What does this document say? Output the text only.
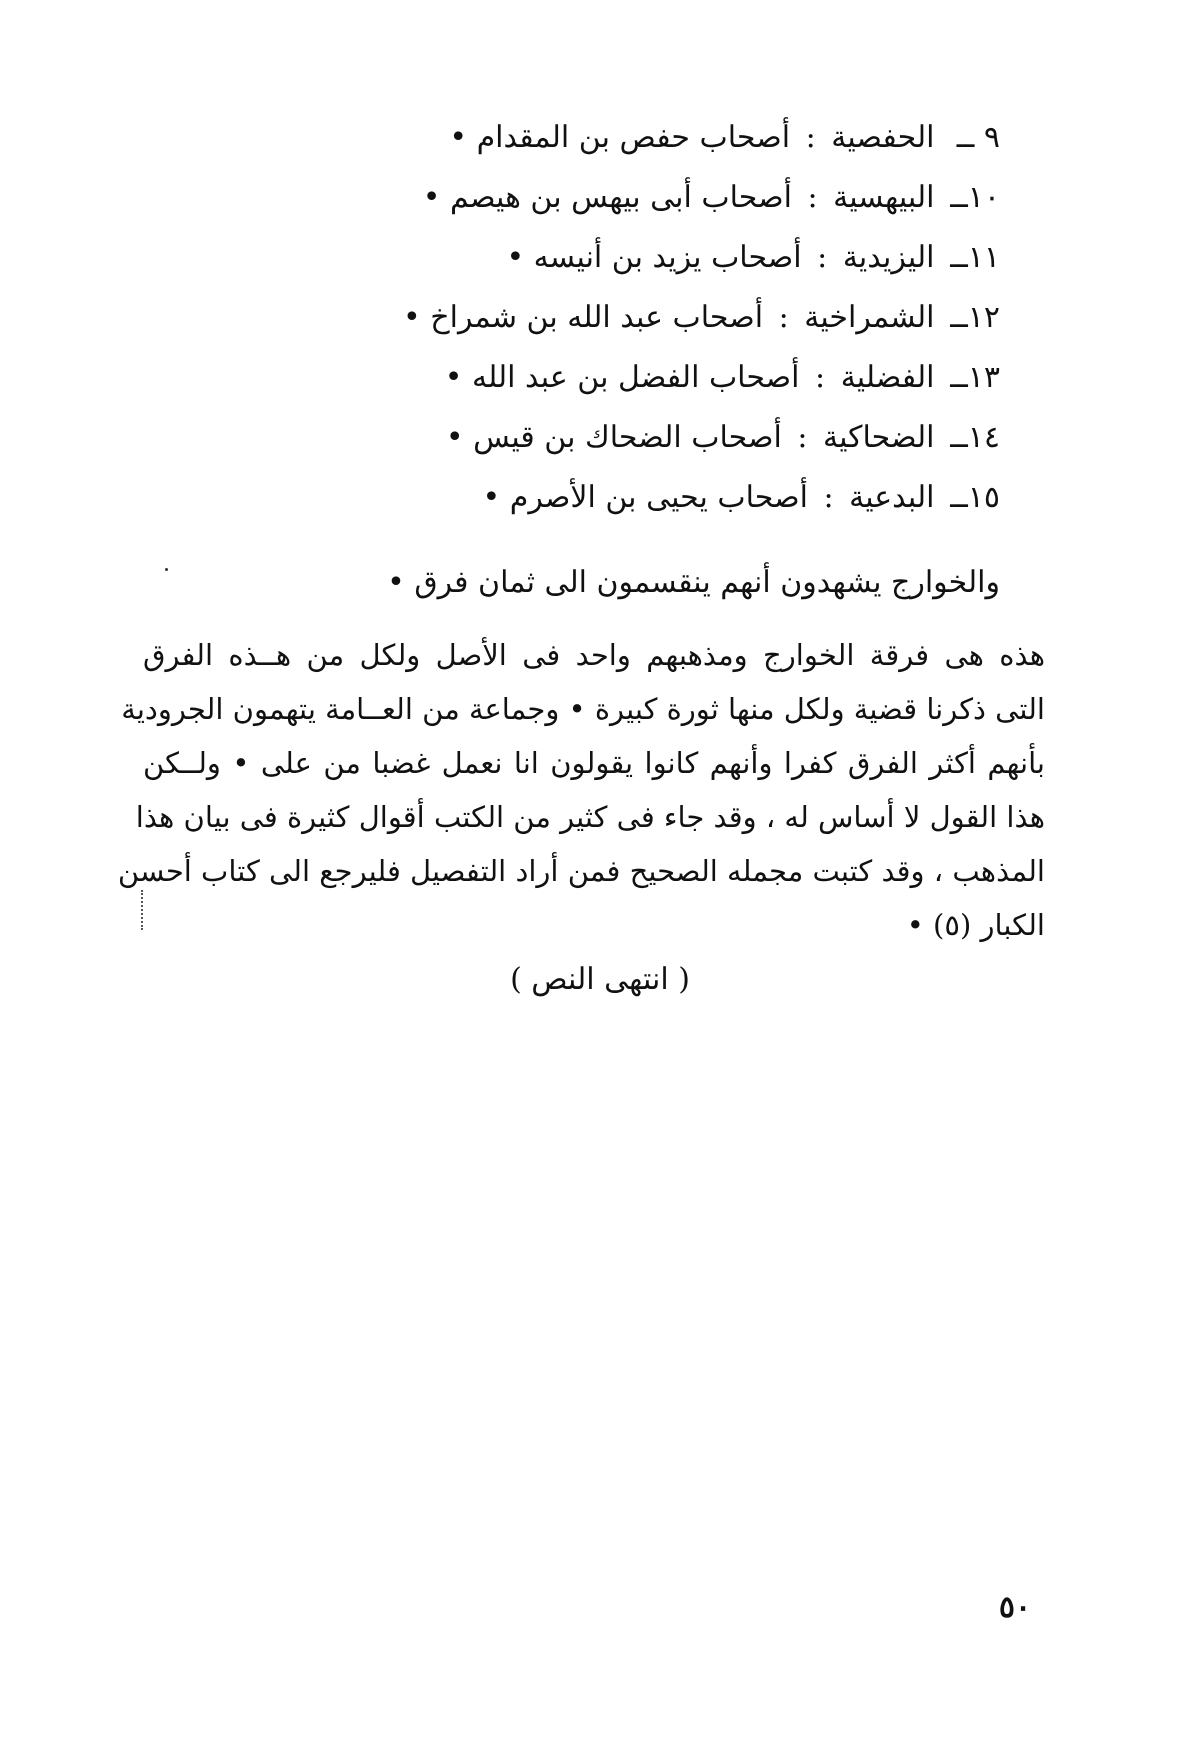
٩ ــ الحفصية : أصحاب حفص بن المقدام •
١٠ــ البيهسية : أصحاب أبى بيهس بن هيصم •
١١ــ اليزيدية : أصحاب يزيد بن أنيسه •
١٢ــ الشمراخية : أصحاب عبد الله بن شمراخ •
١٣ــ الفضلية : أصحاب الفضل بن عبد الله •
١٤ــ الضحاكية : أصحاب الضحاك بن قيس •
١٥ــ البدعية : أصحاب يحيى بن الأصرم •
والخوارج يشهدون أنهم ينقسمون الى ثمان فرق •
هذه هى فرقة الخوارج ومذهبهم واحد فى الأصل ولكل من هــذه الفرق
التى ذكرنا قضية ولكل منها ثورة كبيرة • وجماعة من العــامة يتهمون الجرودية
بأنهم أكثر الفرق كفرا وأنهم كانوا يقولون انا نعمل غضبا من على • ولــكن
هذا القول لا أساس له ، وقد جاء فى كثير من الكتب أقوال كثيرة فى بيان هذا
المذهب ، وقد كتبت مجمله الصحيح فمن أراد التفصيل فليرجع الى كتاب أحسن
الكبار (٥) •
( انتهى النص )
٥٠
